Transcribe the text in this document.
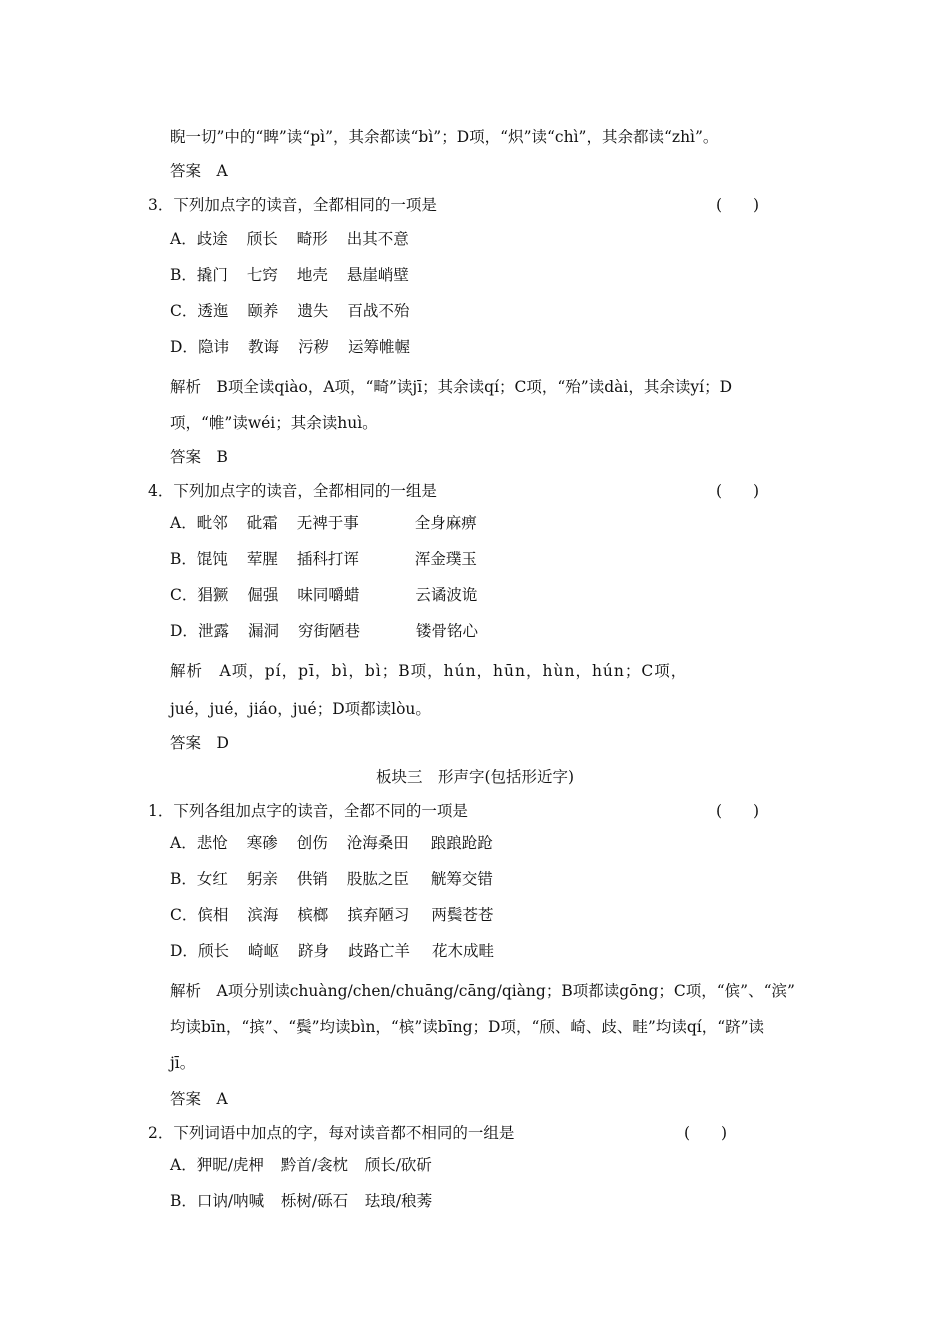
睨一切”中的“睥”读“pì”，其余都读“bì”；D项，“炽”读“chì”，其余都读“zhì”。
答案　A
3．下列加点字的读音，全都相同的一项是	(　　)
A．歧途 颀长 畸形 出其不意
B．撬门 七窍 地壳 悬崖峭壁
C．透迤 颐养 遗失 百战不殆
D．隐讳 教诲 污秽 运筹帷幄
解析　B项全读qiào，A项，“畸”读jī；其余读qí；C项，“殆”读dài，其余读yí；D
项，“帷”读wéi；其余读huì。
答案　B
4．下列加点字的读音，全都相同的一组是	(　　)
A．毗邻 砒霜 无裨于事	全身麻痹
B．馄饨 荤腥 插科打诨	浑金璞玉
C．猖獗 倔强 味同嚼蜡	云谲波诡
D．泄露 漏洞 穷街陋巷	镂骨铭心
解析　A项，pí，pī，bì，bì；B项，hún，hūn，hùn，hún；C项，
jué，jué，jiáo，jué；D项都读lòu。
答案　D
板块三　形声字(包括形近字)
1．下列各组加点字的读音，全都不同的一项是	(　　)
A．悲怆 寒碜 创伤 沧海桑田 踉踉跄跄
B．女红 躬亲 供销 股肱之臣 觥筹交错
C．傧相 滨海 槟榔 摈弃陋习 两鬓苍苍
D．颀长 崎岖 跻身 歧路亡羊 花木成畦
解析　A项分别读chuàng/chen/chuāng/cāng/qiàng；B项都读gōng；C项，“傧”、“滨”
均读bīn，“摈”、“鬓”均读bìn，“槟”读bīng；D项，“颀、崎、歧、畦”均读qí，“跻”读
jī。
答案　A
2．下列词语中加点的字，每对读音都不相同的一组是	(　　)
A．狎昵/虎柙 黔首/衾枕 颀长/砍斫
B．口讷/呐喊 栎树/砾石 珐琅/稂莠
